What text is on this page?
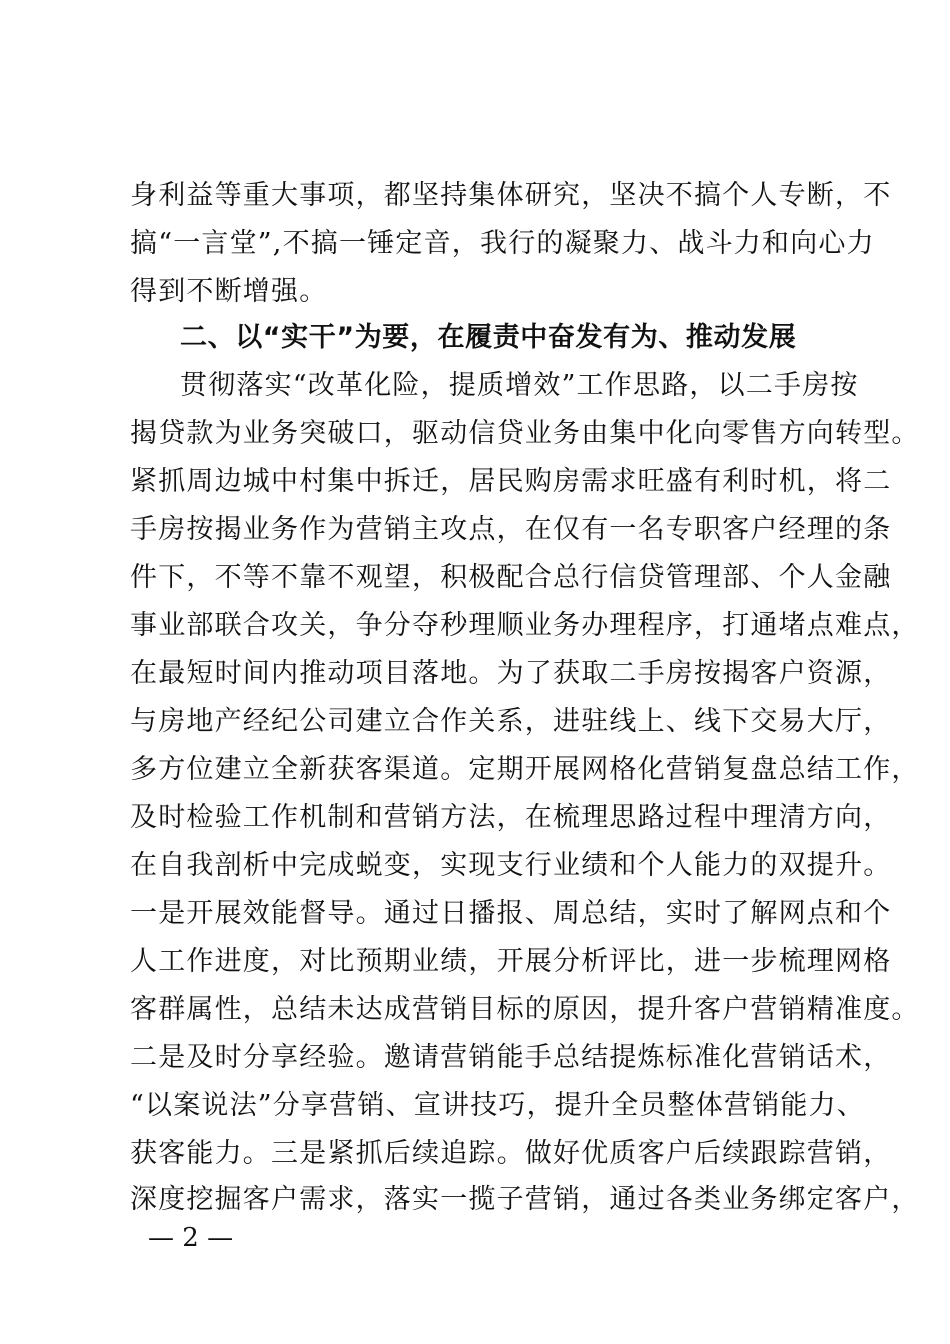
身利益等重大事项，都坚持集体研究，坚决不搞个人专断，不
搞“一言堂”,不搞一锤定音，我行的凝聚力、战斗力和向心力
得到不断增强。
二、以“实干”为要，在履责中奋发有为、推动发展
贯彻落实“改革化险，提质增效”工作思路，以二手房按
揭贷款为业务突破口，驱动信贷业务由集中化向零售方向转型。
紧抓周边城中村集中拆迁，居民购房需求旺盛有利时机，将二
手房按揭业务作为营销主攻点，在仅有一名专职客户经理的条
件下，不等不靠不观望，积极配合总行信贷管理部、个人金融
事业部联合攻关，争分夺秒理顺业务办理程序，打通堵点难点，
在最短时间内推动项目落地。为了获取二手房按揭客户资源，
与房地产经纪公司建立合作关系，进驻线上、线下交易大厅，
多方位建立全新获客渠道。定期开展网格化营销复盘总结工作，
及时检验工作机制和营销方法，在梳理思路过程中理清方向，
在自我剖析中完成蜕变，实现支行业绩和个人能力的双提升。
一是开展效能督导。通过日播报、周总结，实时了解网点和个
人工作进度，对比预期业绩，开展分析评比，进一步梳理网格
客群属性，总结未达成营销目标的原因，提升客户营销精准度。
二是及时分享经验。邀请营销能手总结提炼标准化营销话术，
“以案说法”分享营销、宣讲技巧，提升全员整体营销能力、
获客能力。三是紧抓后续追踪。做好优质客户后续跟踪营销，
深度挖掘客户需求，落实一揽子营销，通过各类业务绑定客户，
— 2 —
